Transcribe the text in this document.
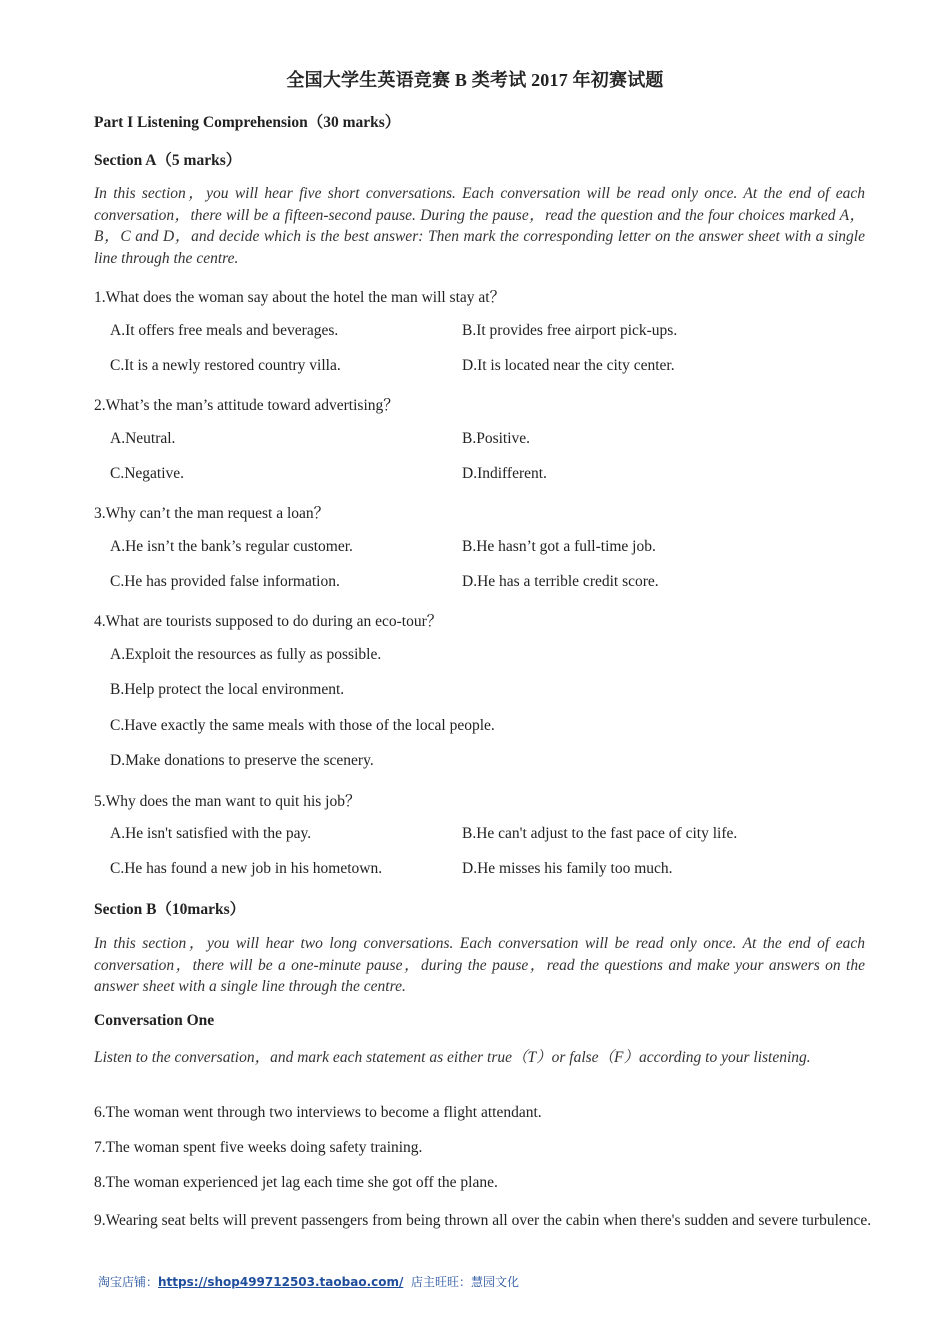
全国大学生英语竞赛 B 类考试 2017 年初赛试题
Part I Listening Comprehension（30 marks）
Section A（5 marks）
In this section，you will hear five short conversations. Each conversation will be read only once. At the end of each conversation，there will be a fifteen-second pause. During the pause，read the question and the four choices marked A，B，C and D，and decide which is the best answer: Then mark the corresponding letter on the answer sheet with a single line through the centre.
1.What does the woman say about the hotel the man will stay at？
A.It offers free meals and beverages.	B.It provides free airport pick-ups.
C.It is a newly restored country villa.	D.It is located near the city center.
2.What’s the man’s attitude toward advertising？
A.Neutral.	B.Positive.
C.Negative.	D.Indifferent.
3.Why can’t the man request a loan？
A.He isn’t the bank’s regular customer.	B.He hasn’t got a full-time job.
C.He has provided false information.	D.He has a terrible credit score.
4.What are tourists supposed to do during an eco-tour？
A.Exploit the resources as fully as possible.
B.Help protect the local environment.
C.Have exactly the same meals with those of the local people.
D.Make donations to preserve the scenery.
5.Why does the man want to quit his job？
A.He isn't satisfied with the pay.	B.He can't adjust to the fast pace of city life.
C.He has found a new job in his hometown.	D.He misses his family too much.
Section B（10marks）
In this section，you will hear two long conversations. Each conversation will be read only once. At the end of each conversation，there will be a one-minute pause，during the pause，read the questions and make your answers on the answer sheet with a single line through the centre.
Conversation One
Listen to the conversation，and mark each statement as either true（T）or false（F）according to your listening.
6.The woman went through two interviews to become a flight attendant.
7.The woman spent five weeks doing safety training.
8.The woman experienced jet lag each time she got off the plane.
9.Wearing seat belts will prevent passengers from being thrown all over the cabin when there's sudden and severe turbulence.
淘宝店铺：https://shop499712503.taobao.com/  店主旺旺：慧园文化
